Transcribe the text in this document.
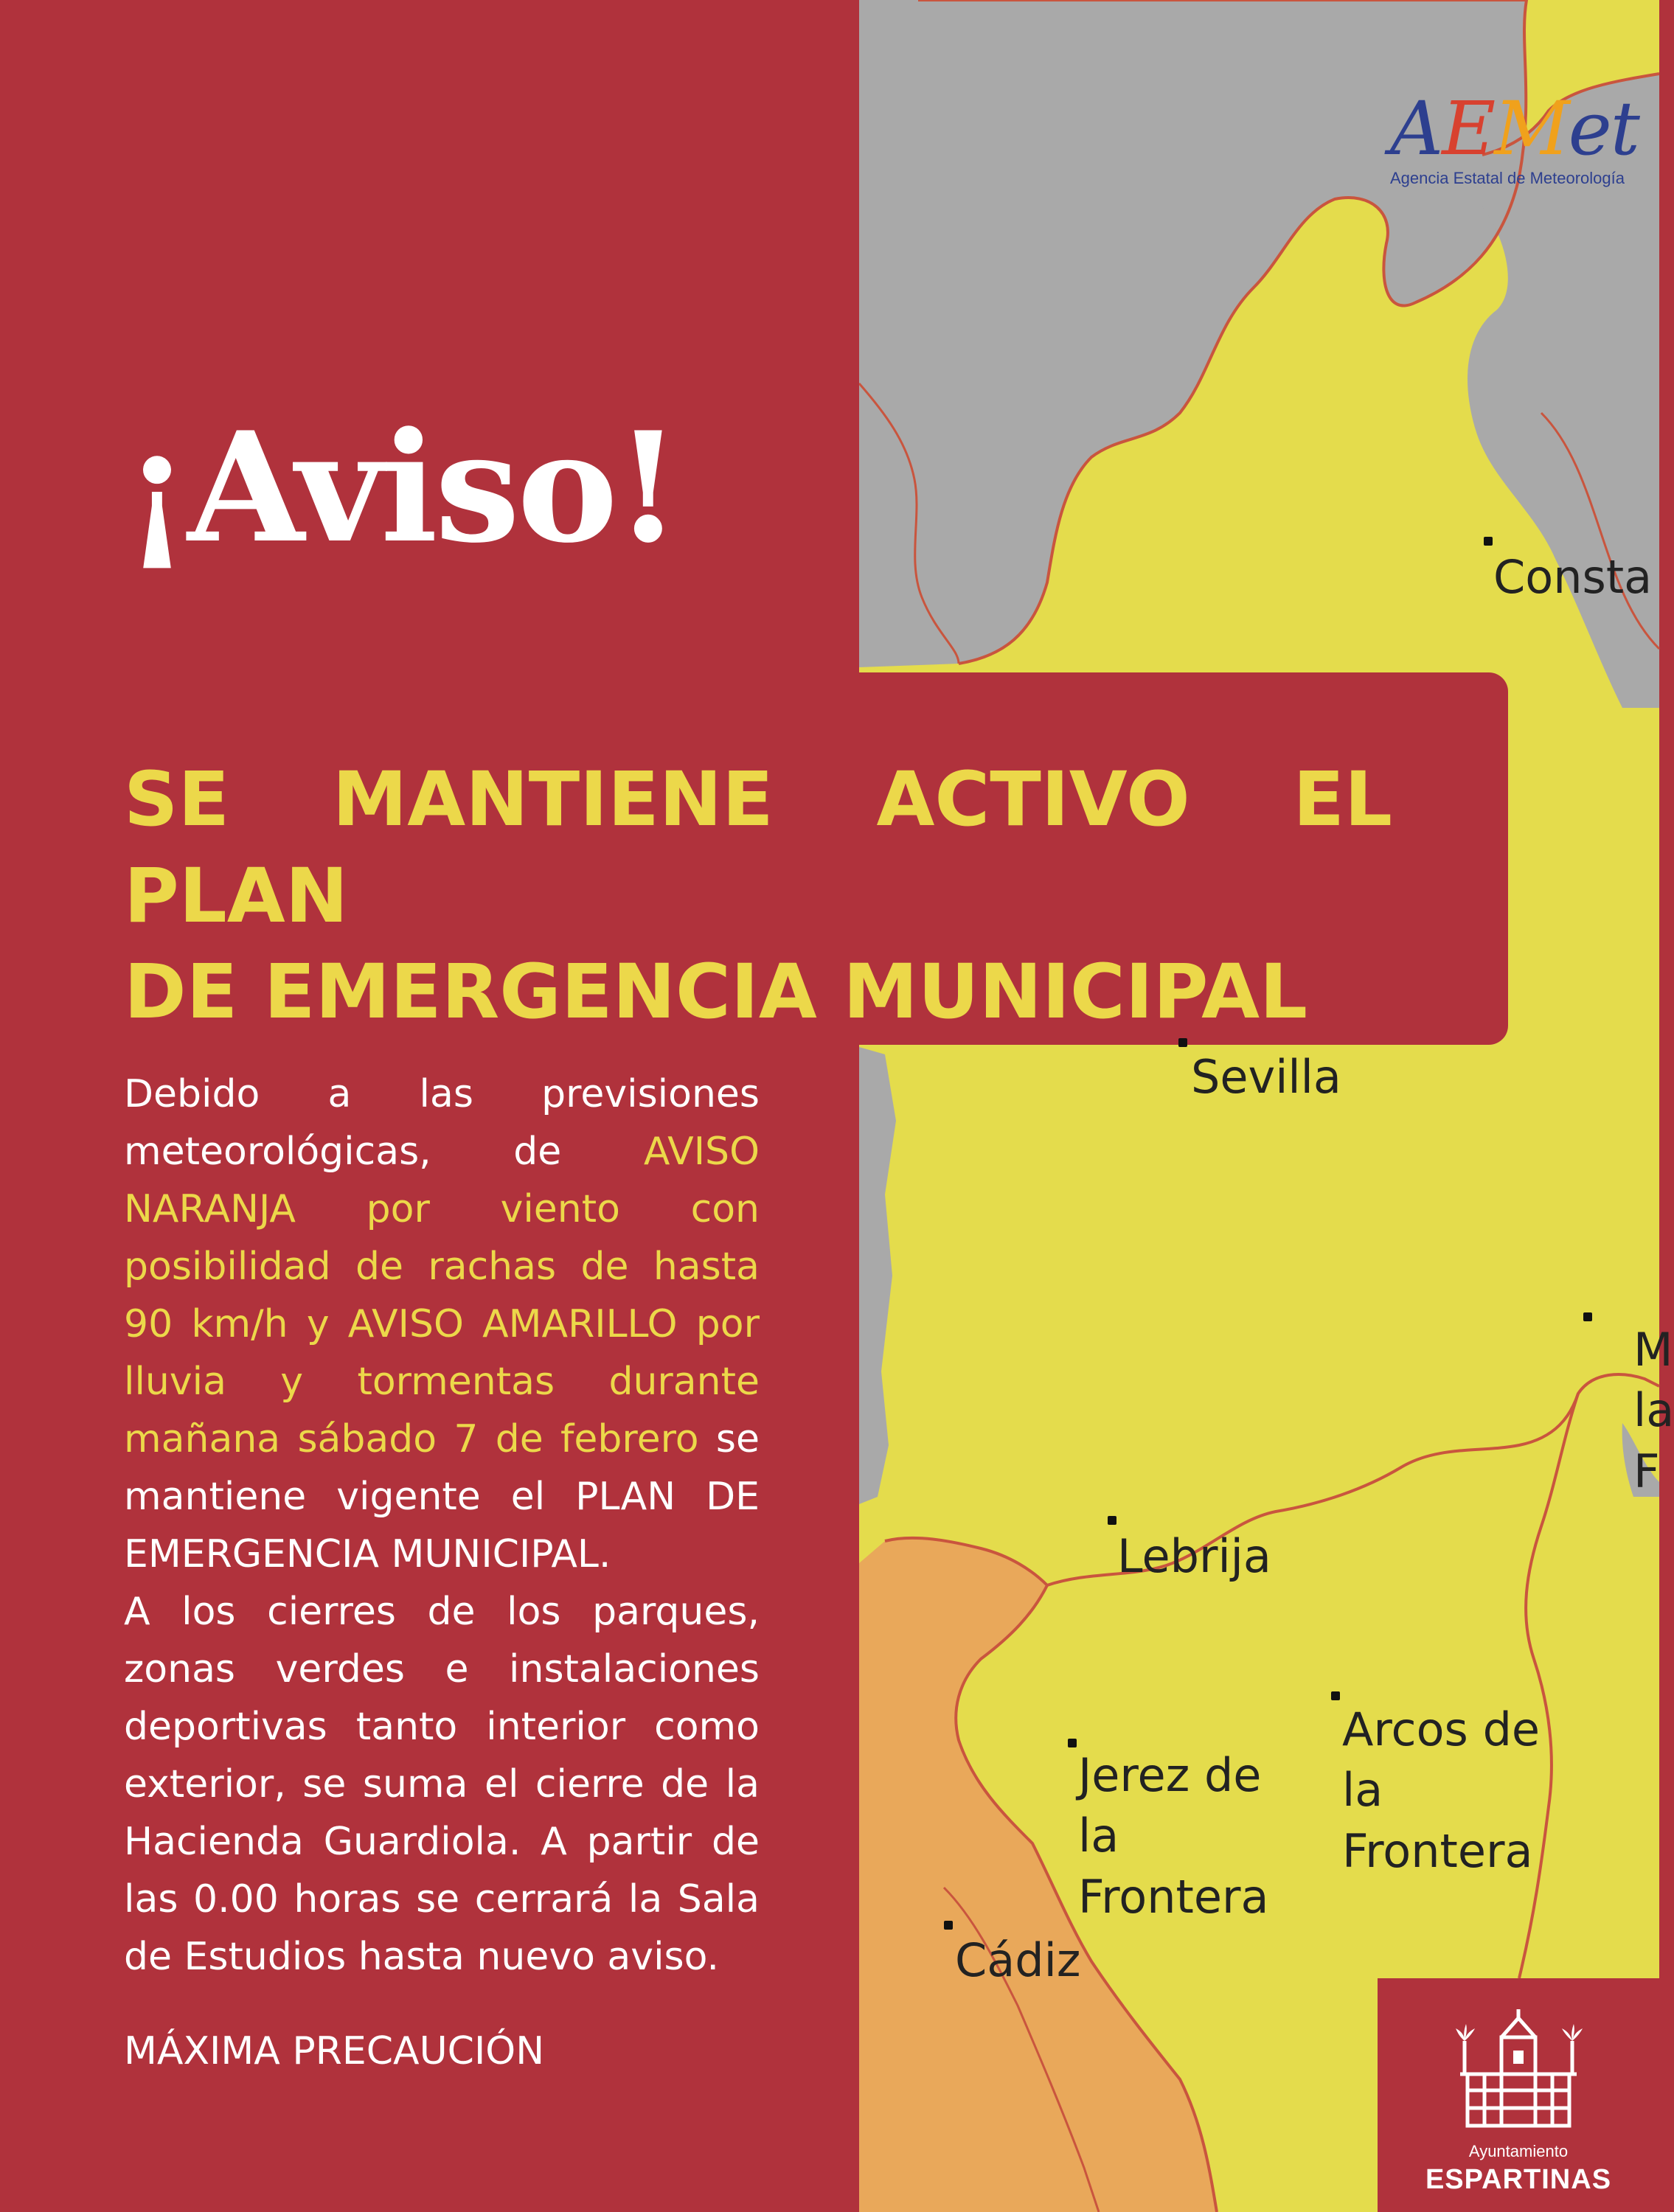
AEMet
Agencia Estatal de Meteorología
Consta
Sevilla
M
la
F
Lebrija
Arcos de
la
Frontera
Jerez de
la
Frontera
Cádiz
¡Aviso!
SE MANTIENE ACTIVO EL PLAN
DE EMERGENCIA MUNICIPAL

Debido a las previsiones meteorológicas, de AVISO NARANJA por viento con posibilidad de rachas de hasta 90 km/h y AVISO AMARILLO por lluvia y tormentas durante mañana sábado 7 de febrero se mantiene vigente el PLAN DE EMERGENCIA MUNICIPAL.

A los cierres de los parques, zonas verdes e instalaciones deportivas tanto interior como exterior, se suma el cierre de la Hacienda Guardiola. A partir de las 0.00 horas se cerrará la Sala de Estudios hasta nuevo aviso.

MÁXIMA PRECAUCIÓN

Ayuntamiento
ESPARTINAS
